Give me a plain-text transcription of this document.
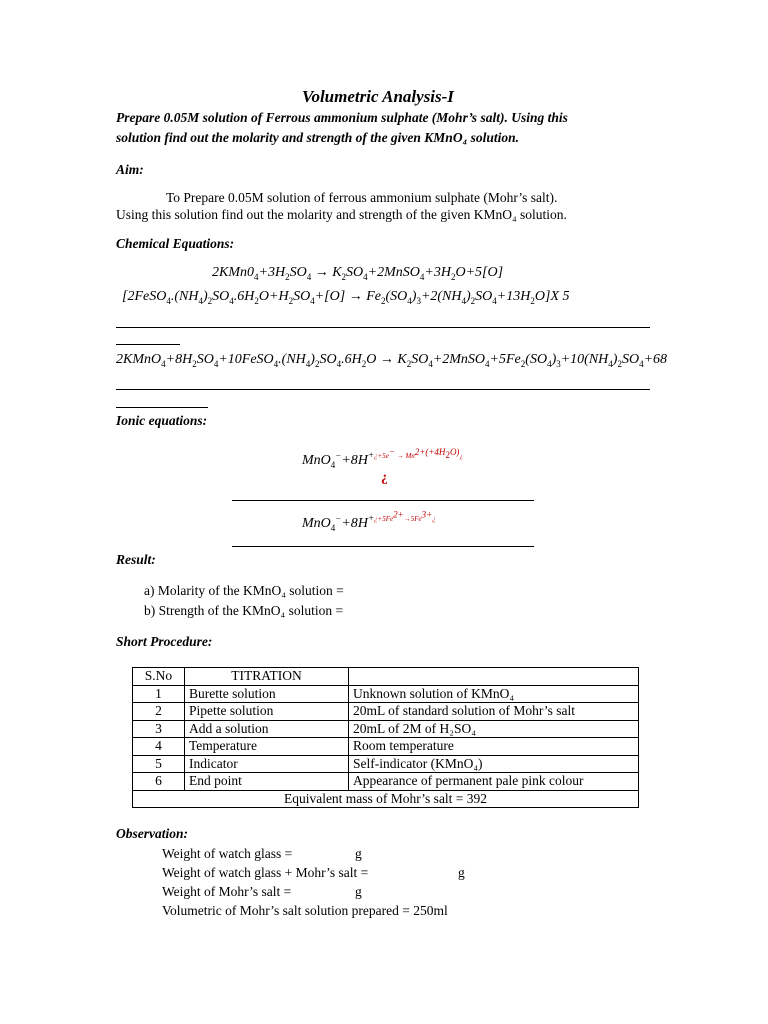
Volumetric Analysis-I
Prepare 0.05M solution of Ferrous ammonium sulphate (Mohr’s salt). Using this
solution find out the molarity and strength of the given KMnO₄ solution.
Aim:
To Prepare 0.05M solution of ferrous ammonium sulphate (Mohr’s salt).
Using this solution find out the molarity and strength of the given KMnO₄ solution.
Chemical Equations:
$2KMn0_4+3H_2SO_4$ → $K_2SO_4+2MnSO_4+3H_2O+5[O]$
$[2FeSO_4.(NH_4)_2SO_4.6H_2O+H_2SO_4+[O] \to Fe_2(SO_4)_3+2(NH_4)_2SO_4+13H_2O]X$ 5
$2KMnO_4+8H_2SO_4+10FeSO_4.(NH_4)_2SO_4.6H_2O$ → $K_2SO_4+2MnSO_4+5Fe_2(SO_4)_3+10(NH_4)_2SO_4+68$
Ionic equations:
$MnO_4^-+8H^{+¿+5e^- \to Mn^{2+(+4H_2O)}¿}$
¿
$MnO_4^-+8H^{+¿+5Fe^{2+}\to 5Fe^{3+}¿}$
Result:
a) Molarity of the KMnO₄ solution =
b) Strength of the KMnO₄ solution =
Short Procedure:
S.No	TITRATION	
1	Burette solution	Unknown solution of KMnO₄
2	Pipette solution	20mL of standard solution of Mohr’s salt
3	Add a solution	20mL of 2M of H₂SO₄
4	Temperature	Room temperature
5	Indicator	Self-indicator (KMnO₄)
6	End point	Appearance of permanent pale pink colour
Equivalent mass of Mohr’s salt = 392		
Observation:
Weight of watch glass =	g
Weight of watch glass + Mohr’s salt =	g
Weight of Mohr’s salt =	g
Volumetric of Mohr’s salt solution prepared = 250ml
